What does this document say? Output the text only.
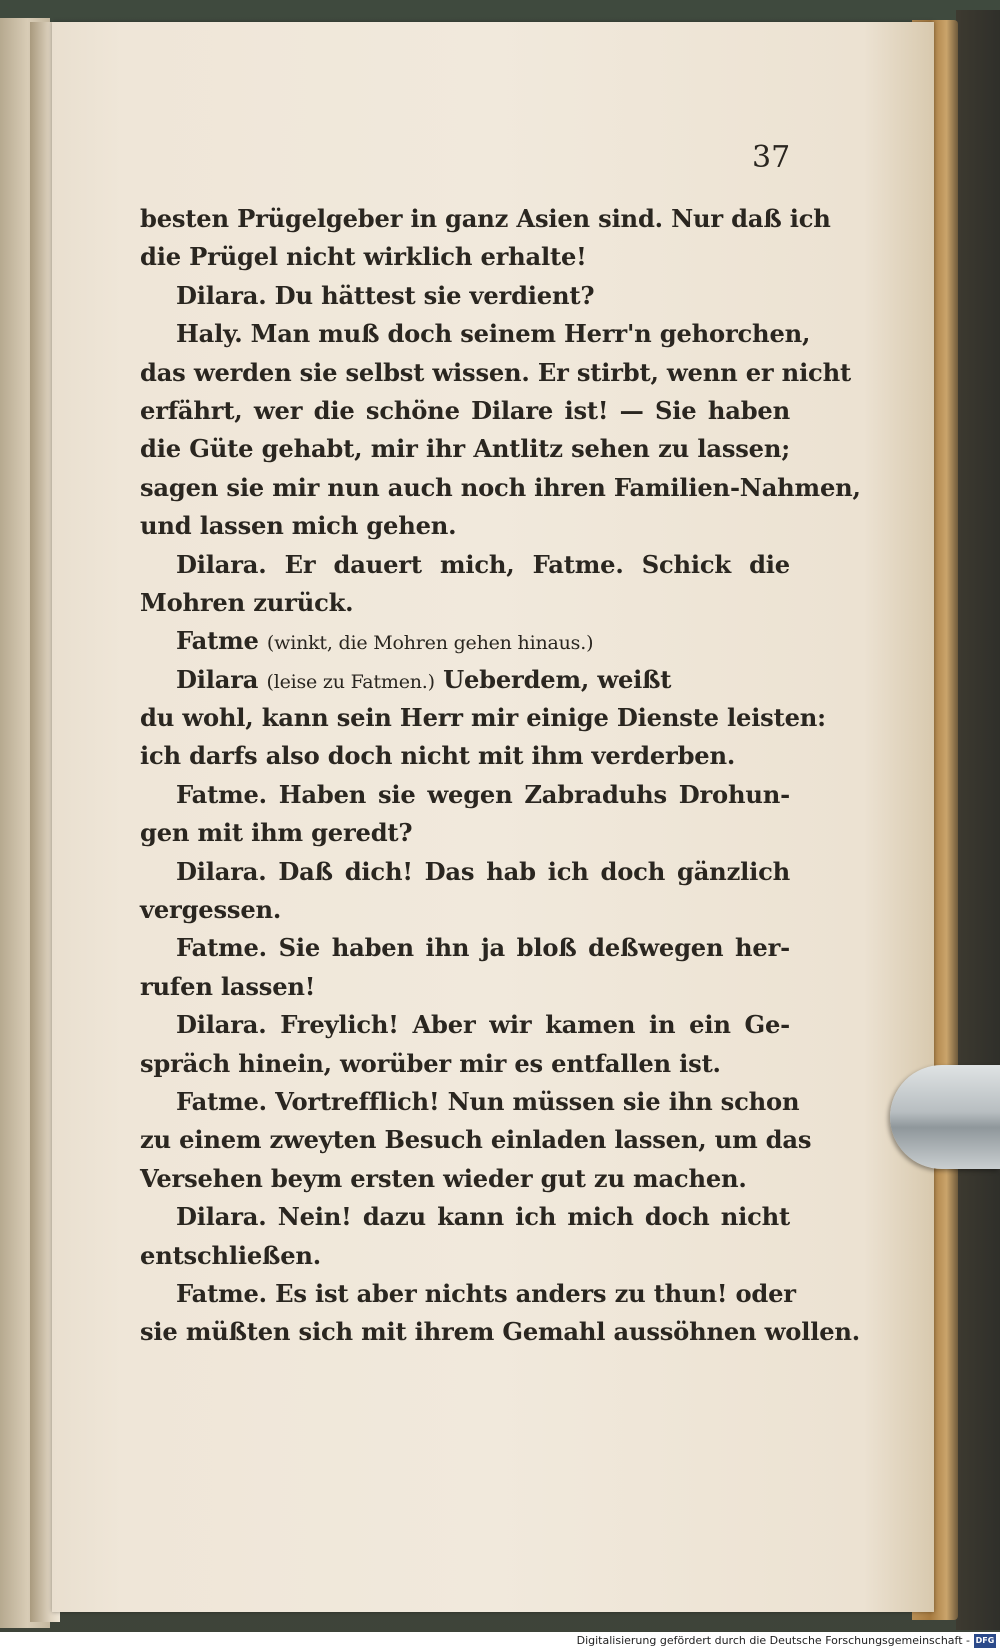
37
besten Prügelgeber in ganz Asien sind. Nur daß ich
die Prügel nicht wirklich erhalte!
Dilara. Du hättest sie verdient?
Haly. Man muß doch seinem Herr'n gehorchen,
das werden sie selbst wissen. Er stirbt, wenn er nicht
erfährt, wer die schöne Dilare ist! — Sie haben
die Güte gehabt, mir ihr Antlitz sehen zu lassen;
sagen sie mir nun auch noch ihren Familien-Nahmen,
und lassen mich gehen.
Dilara. Er dauert mich, Fatme. Schick die
Mohren zurück.
Fatme (winkt, die Mohren gehen hinaus.)
Dilara (leise zu Fatmen.) Ueberdem, weißt
du wohl, kann sein Herr mir einige Dienste leisten:
ich darfs also doch nicht mit ihm verderben.
Fatme. Haben sie wegen Zabraduhs Drohun-
gen mit ihm geredt?
Dilara. Daß dich! Das hab ich doch gänzlich
vergessen.
Fatme. Sie haben ihn ja bloß deßwegen her-
rufen lassen!
Dilara. Freylich! Aber wir kamen in ein Ge-
spräch hinein, worüber mir es entfallen ist.
Fatme. Vortrefflich! Nun müssen sie ihn schon
zu einem zweyten Besuch einladen lassen, um das
Versehen beym ersten wieder gut zu machen.
Dilara. Nein! dazu kann ich mich doch nicht
entschließen.
Fatme. Es ist aber nichts anders zu thun! oder
sie müßten sich mit ihrem Gemahl aussöhnen wollen.
Digitalisierung gefördert durch die Deutsche Forschungsgemeinschaft - DFG
